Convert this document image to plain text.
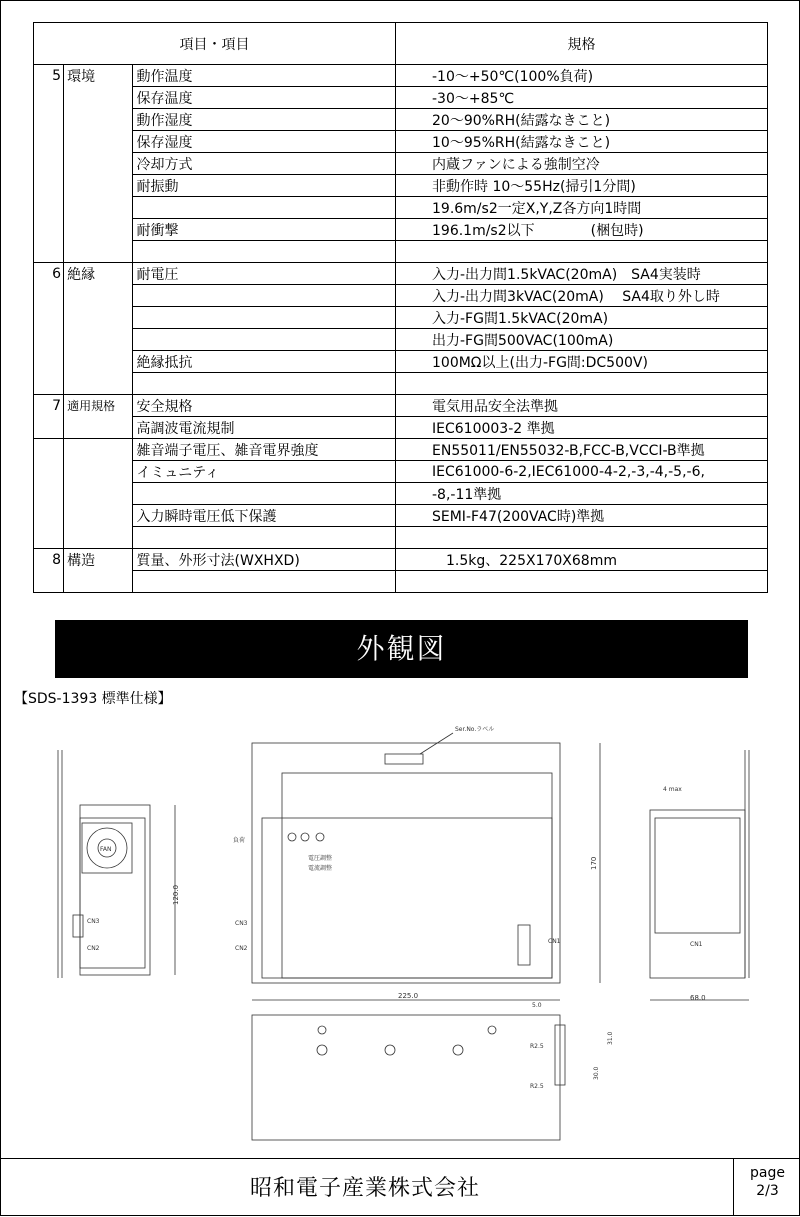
項目・項目			規格
5	環境	動作温度	-10～+50℃(100%負荷)
		保存温度	-30～+85℃
		動作湿度	20～90%RH(結露なきこと)
		保存湿度	10～95%RH(結露なきこと)
		冷却方式	内蔵ファンによる強制空冷
		耐振動	非動作時 10～55Hz(掃引1分間)
			19.6m/s2一定X,Y,Z各方向1時間
		耐衝撃	196.1m/s2以下　　　　(梱包時)

6	絶縁	耐電圧	入力-出力間1.5kVAC(20mA)　SA4実装時
			入力-出力間3kVAC(20mA)　 SA4取り外し時
			入力-FG間1.5kVAC(20mA)
			出力-FG間500VAC(100mA)
		絶縁抵抗	100MΩ以上(出力-FG間:DC500V)

7	適用規格	安全規格	電気用品安全法準拠
		高調波電流規制	IEC610003-2 準拠
		雑音端子電圧、雑音電界強度	EN55011/EN55032-B,FCC-B,VCCI-B準拠
		イミュニティ	IEC61000-6-2,IEC61000-4-2,-3,-4,-5,-6,
			-8,-11準拠
		入力瞬時電圧低下保護	SEMI-F47(200VAC時)準拠

8	構造	質量、外形寸法(WXHXD)	　1.5kg、225X170X68mm

外観図
【SDS-1393 標準仕様】
FAN
CN3
CN2
120.0
Ser.No.ラベル
電圧調整
電流調整
負荷
CN3
CN2
CN1
170
225.0
4 max
CN1
68.0
5.0
R2.5
R2.5
31.0
30.0
昭和電子産業株式会社
page
2/3
